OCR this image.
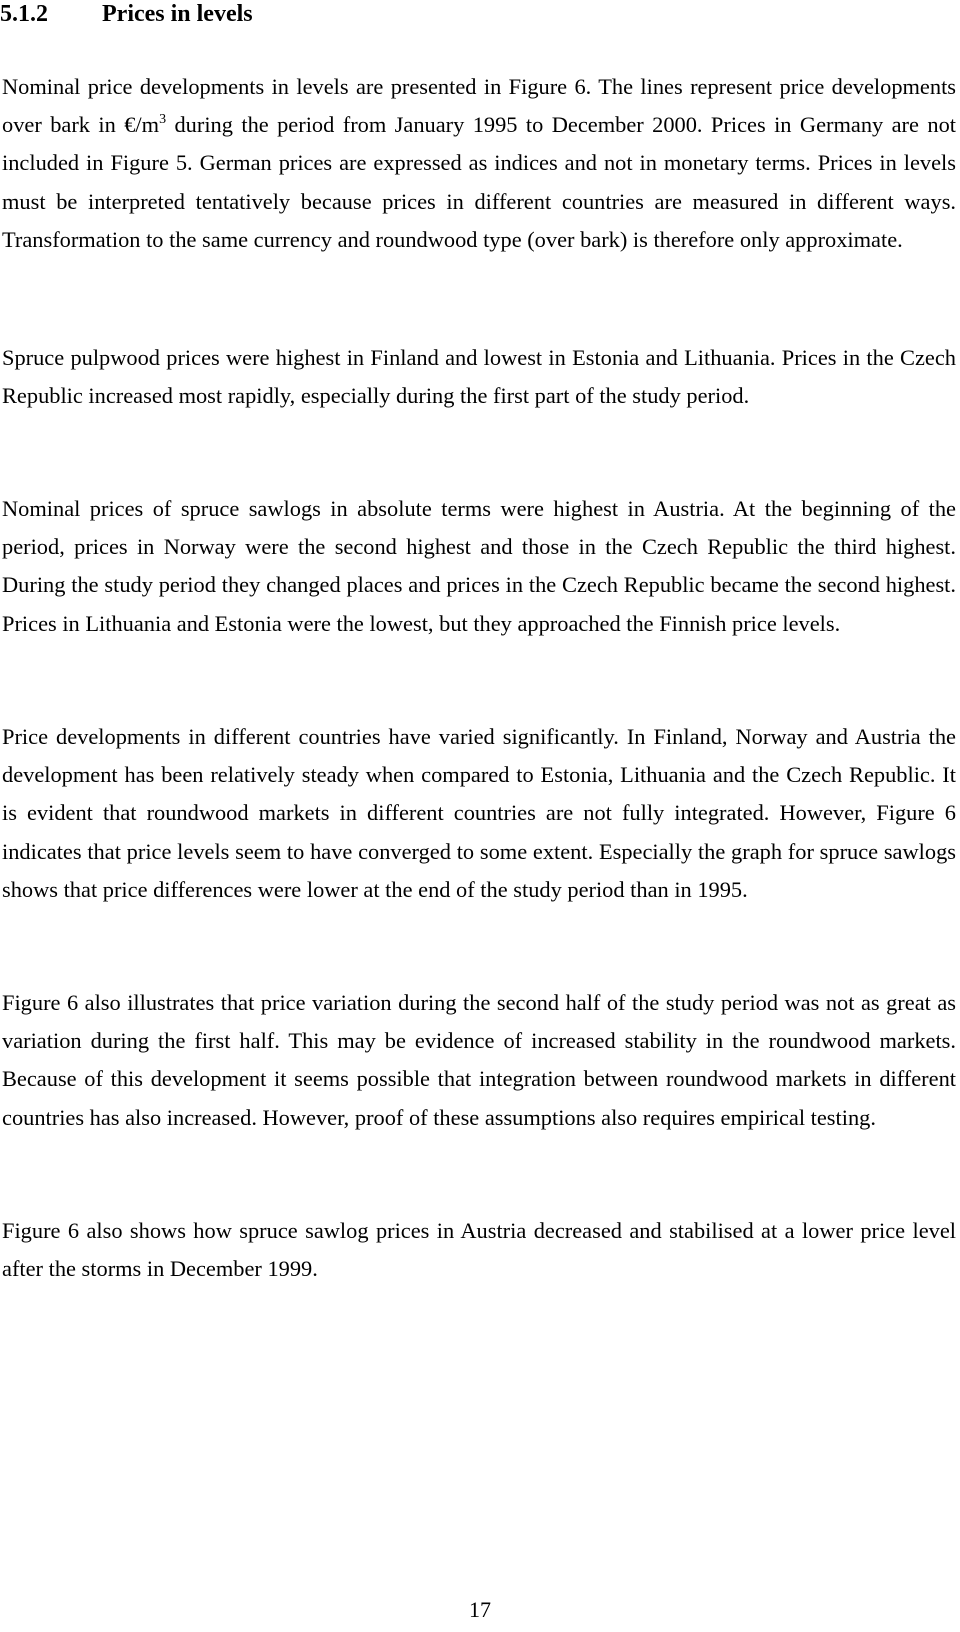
5.1.2 Prices in levels

Nominal price developments in levels are presented in Figure 6. The lines represent price developments over bark in $€/m^3$ during the period from January 1995 to December 2000. Prices in Germany are not included in Figure 5. German prices are expressed as indices and not in monetary terms. Prices in levels must be interpreted tentatively because prices in different countries are measured in different ways. Transformation to the same currency and roundwood type (over bark) is therefore only approximate.

Spruce pulpwood prices were highest in Finland and lowest in Estonia and Lithuania. Prices in the Czech Republic increased most rapidly, especially during the first part of the study period.

Nominal prices of spruce sawlogs in absolute terms were highest in Austria. At the beginning of the period, prices in Norway were the second highest and those in the Czech Republic the third highest. During the study period they changed places and prices in the Czech Republic became the second highest. Prices in Lithuania and Estonia were the lowest, but they approached the Finnish price levels.

Price developments in different countries have varied significantly. In Finland, Norway and Austria the development has been relatively steady when compared to Estonia, Lithuania and the Czech Republic. It is evident that roundwood markets in different countries are not fully integrated. However, Figure 6 indicates that price levels seem to have converged to some extent. Especially the graph for spruce sawlogs shows that price differences were lower at the end of the study period than in 1995.

Figure 6 also illustrates that price variation during the second half of the study period was not as great as variation during the first half. This may be evidence of increased stability in the roundwood markets. Because of this development it seems possible that integration between roundwood markets in different countries has also increased. However, proof of these assumptions also requires empirical testing.

Figure 6 also shows how spruce sawlog prices in Austria decreased and stabilised at a lower price level after the storms in December 1999.

17
